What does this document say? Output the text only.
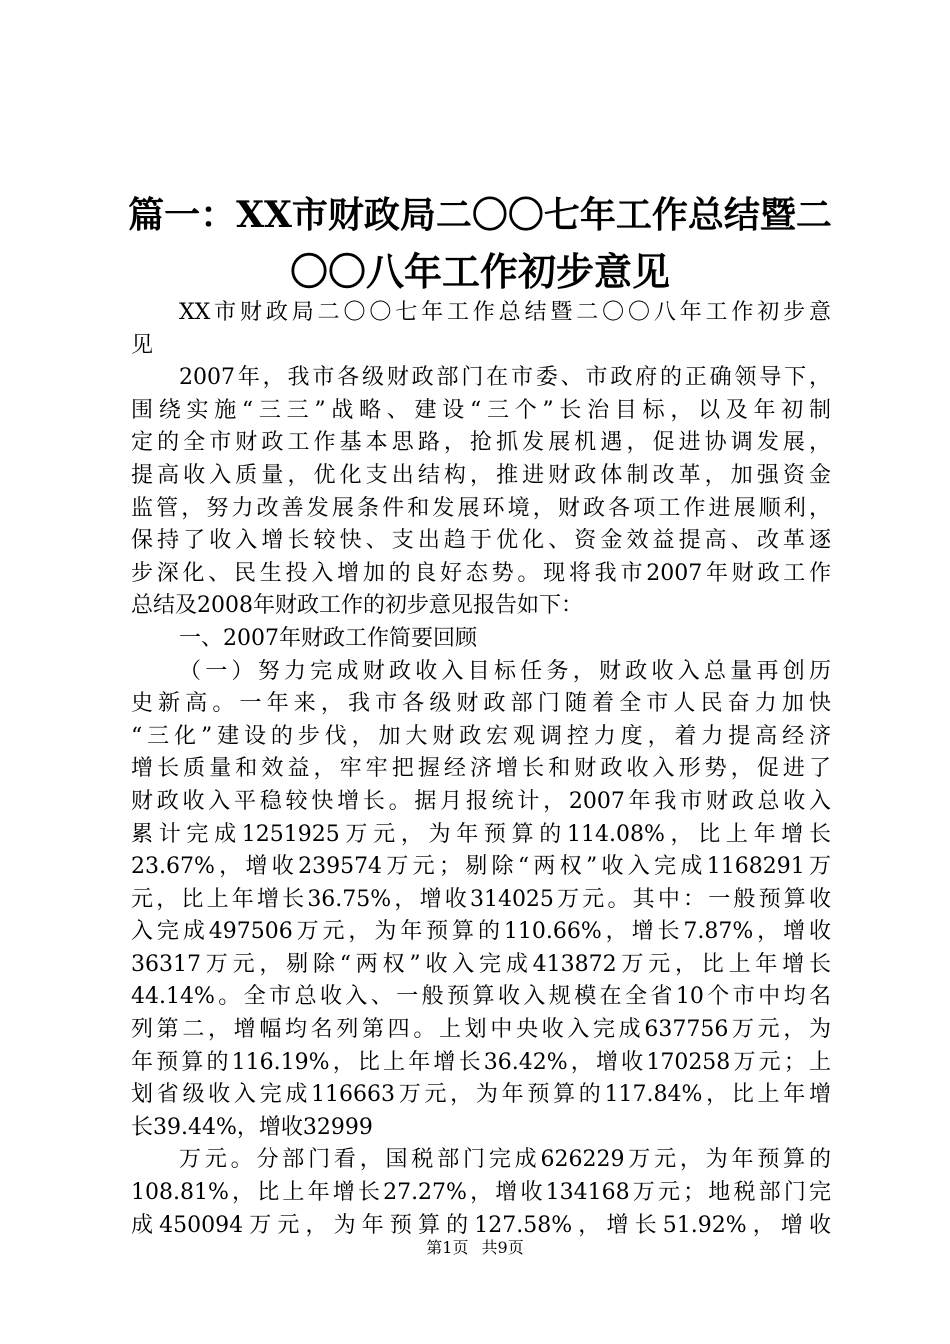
篇一：XX市财政局二〇〇七年工作总结暨二
〇〇八年工作初步意见
XX市财政局二〇〇七年工作总结暨二〇〇八年工作初步意
见
2007年，我市各级财政部门在市委、市政府的正确领导下，
围绕实施“三三”战略、建设“三个”长治目标，以及年初制
定的全市财政工作基本思路，抢抓发展机遇，促进协调发展，
提高收入质量，优化支出结构，推进财政体制改革，加强资金
监管，努力改善发展条件和发展环境，财政各项工作进展顺利，
保持了收入增长较快、支出趋于优化、资金效益提高、改革逐
步深化、民生投入增加的良好态势。现将我市2007年财政工作
总结及2008年财政工作的初步意见报告如下：
一、2007年财政工作简要回顾
（一）努力完成财政收入目标任务，财政收入总量再创历
史新高。一年来，我市各级财政部门随着全市人民奋力加快
“三化”建设的步伐，加大财政宏观调控力度，着力提高经济
增长质量和效益，牢牢把握经济增长和财政收入形势，促进了
财政收入平稳较快增长。据月报统计，2007年我市财政总收入
累计完成1251925万元，为年预算的114.08%，比上年增长
23.67%，增收239574万元；剔除“两权”收入完成1168291万
元，比上年增长36.75%，增收314025万元。其中：一般预算收
入完成497506万元，为年预算的110.66%，增长7.87%，增收
36317万元，剔除“两权”收入完成413872万元，比上年增长
44.14%。全市总收入、一般预算收入规模在全省10个市中均名
列第二，增幅均名列第四。上划中央收入完成637756万元，为
年预算的116.19%，比上年增长36.42%，增收170258万元；上
划省级收入完成116663万元，为年预算的117.84%，比上年增
长39.44%，增收32999
万元。分部门看，国税部门完成626229万元，为年预算的
108.81%，比上年增长27.27%，增收134168万元；地税部门完
成450094万元，为年预算的127.58%，增长51.92%，增收
第1页 共9页
